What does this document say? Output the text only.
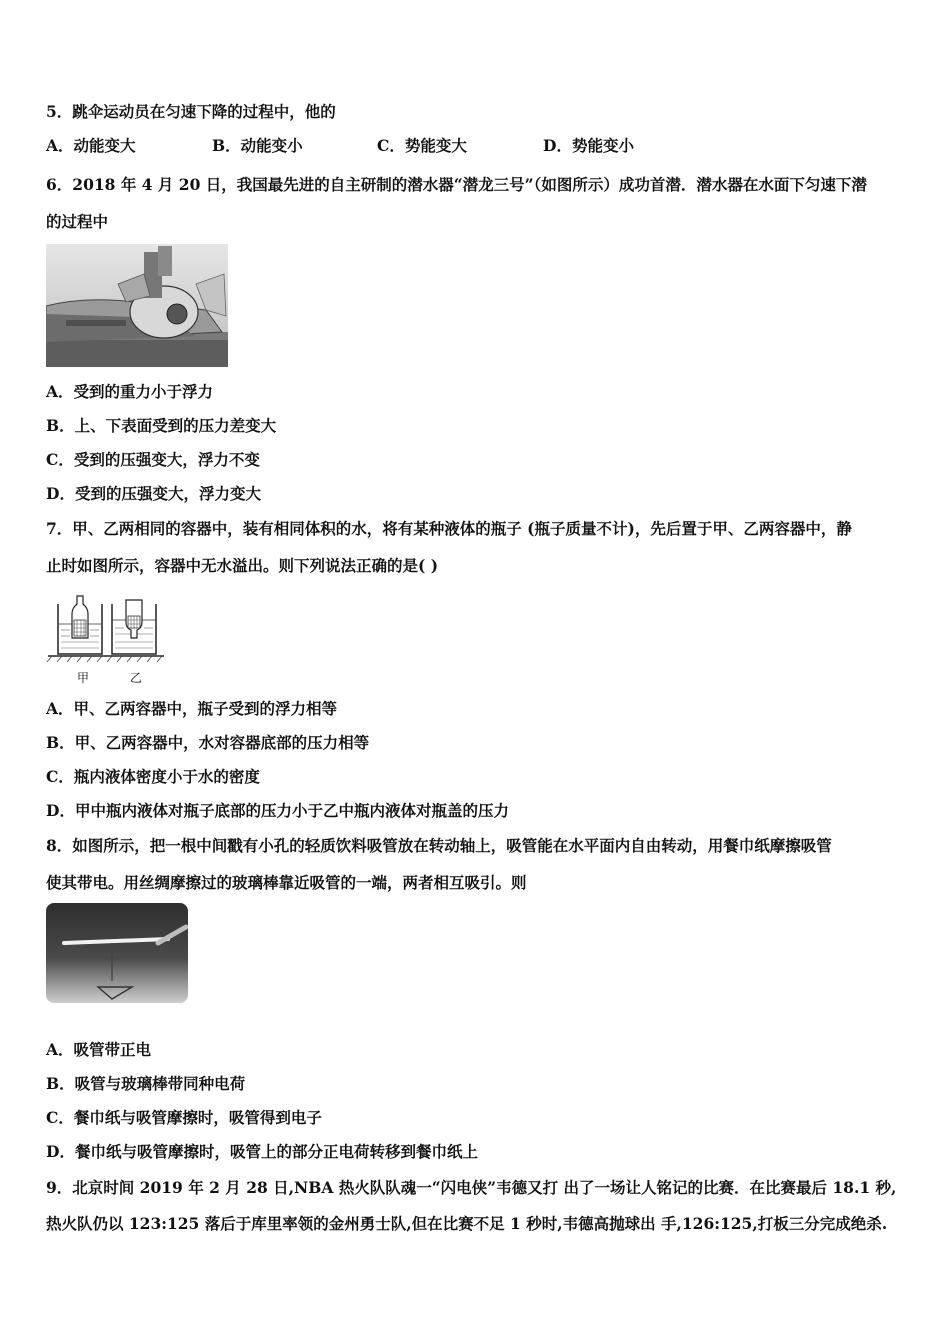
5．跳伞运动员在匀速下降的过程中，他的
A．动能变大	B．动能变小	C．势能变大	D．势能变小
6．2018 年 4 月 20 日，我国最先进的自主研制的潜水器“潜龙三号”（如图所示）成功首潜．潜水器在水面下匀速下潜
的过程中
A．受到的重力小于浮力
B．上、下表面受到的压力差变大
C．受到的压强变大，浮力不变
D．受到的压强变大，浮力变大
7．甲、乙两相同的容器中，装有相同体积的水，将有某种液体的瓶子 (瓶子质量不计)，先后置于甲、乙两容器中，静
止时如图所示，容器中无水溢出。则下列说法正确的是( )
甲	乙
A．甲、乙两容器中，瓶子受到的浮力相等
B．甲、乙两容器中，水对容器底部的压力相等
C．瓶内液体密度小于水的密度
D．甲中瓶内液体对瓶子底部的压力小于乙中瓶内液体对瓶盖的压力
8．如图所示，把一根中间戳有小孔的轻质饮料吸管放在转动轴上，吸管能在水平面内自由转动，用餐巾纸摩擦吸管
使其带电。用丝绸摩擦过的玻璃棒靠近吸管的一端，两者相互吸引。则
A．吸管带正电
B．吸管与玻璃棒带同种电荷
C．餐巾纸与吸管摩擦时，吸管得到电子
D．餐巾纸与吸管摩擦时，吸管上的部分正电荷转移到餐巾纸上
9．北京时间 2019 年 2 月 28 日,NBA 热火队队魂一“闪电侠”韦德又打 出了一场让人铭记的比赛．在比赛最后 18.1 秒,
热火队仍以 123:125 落后于库里率领的金州勇士队,但在比赛不足 1 秒时,韦德高抛球出 手,126:125,打板三分完成绝杀.
